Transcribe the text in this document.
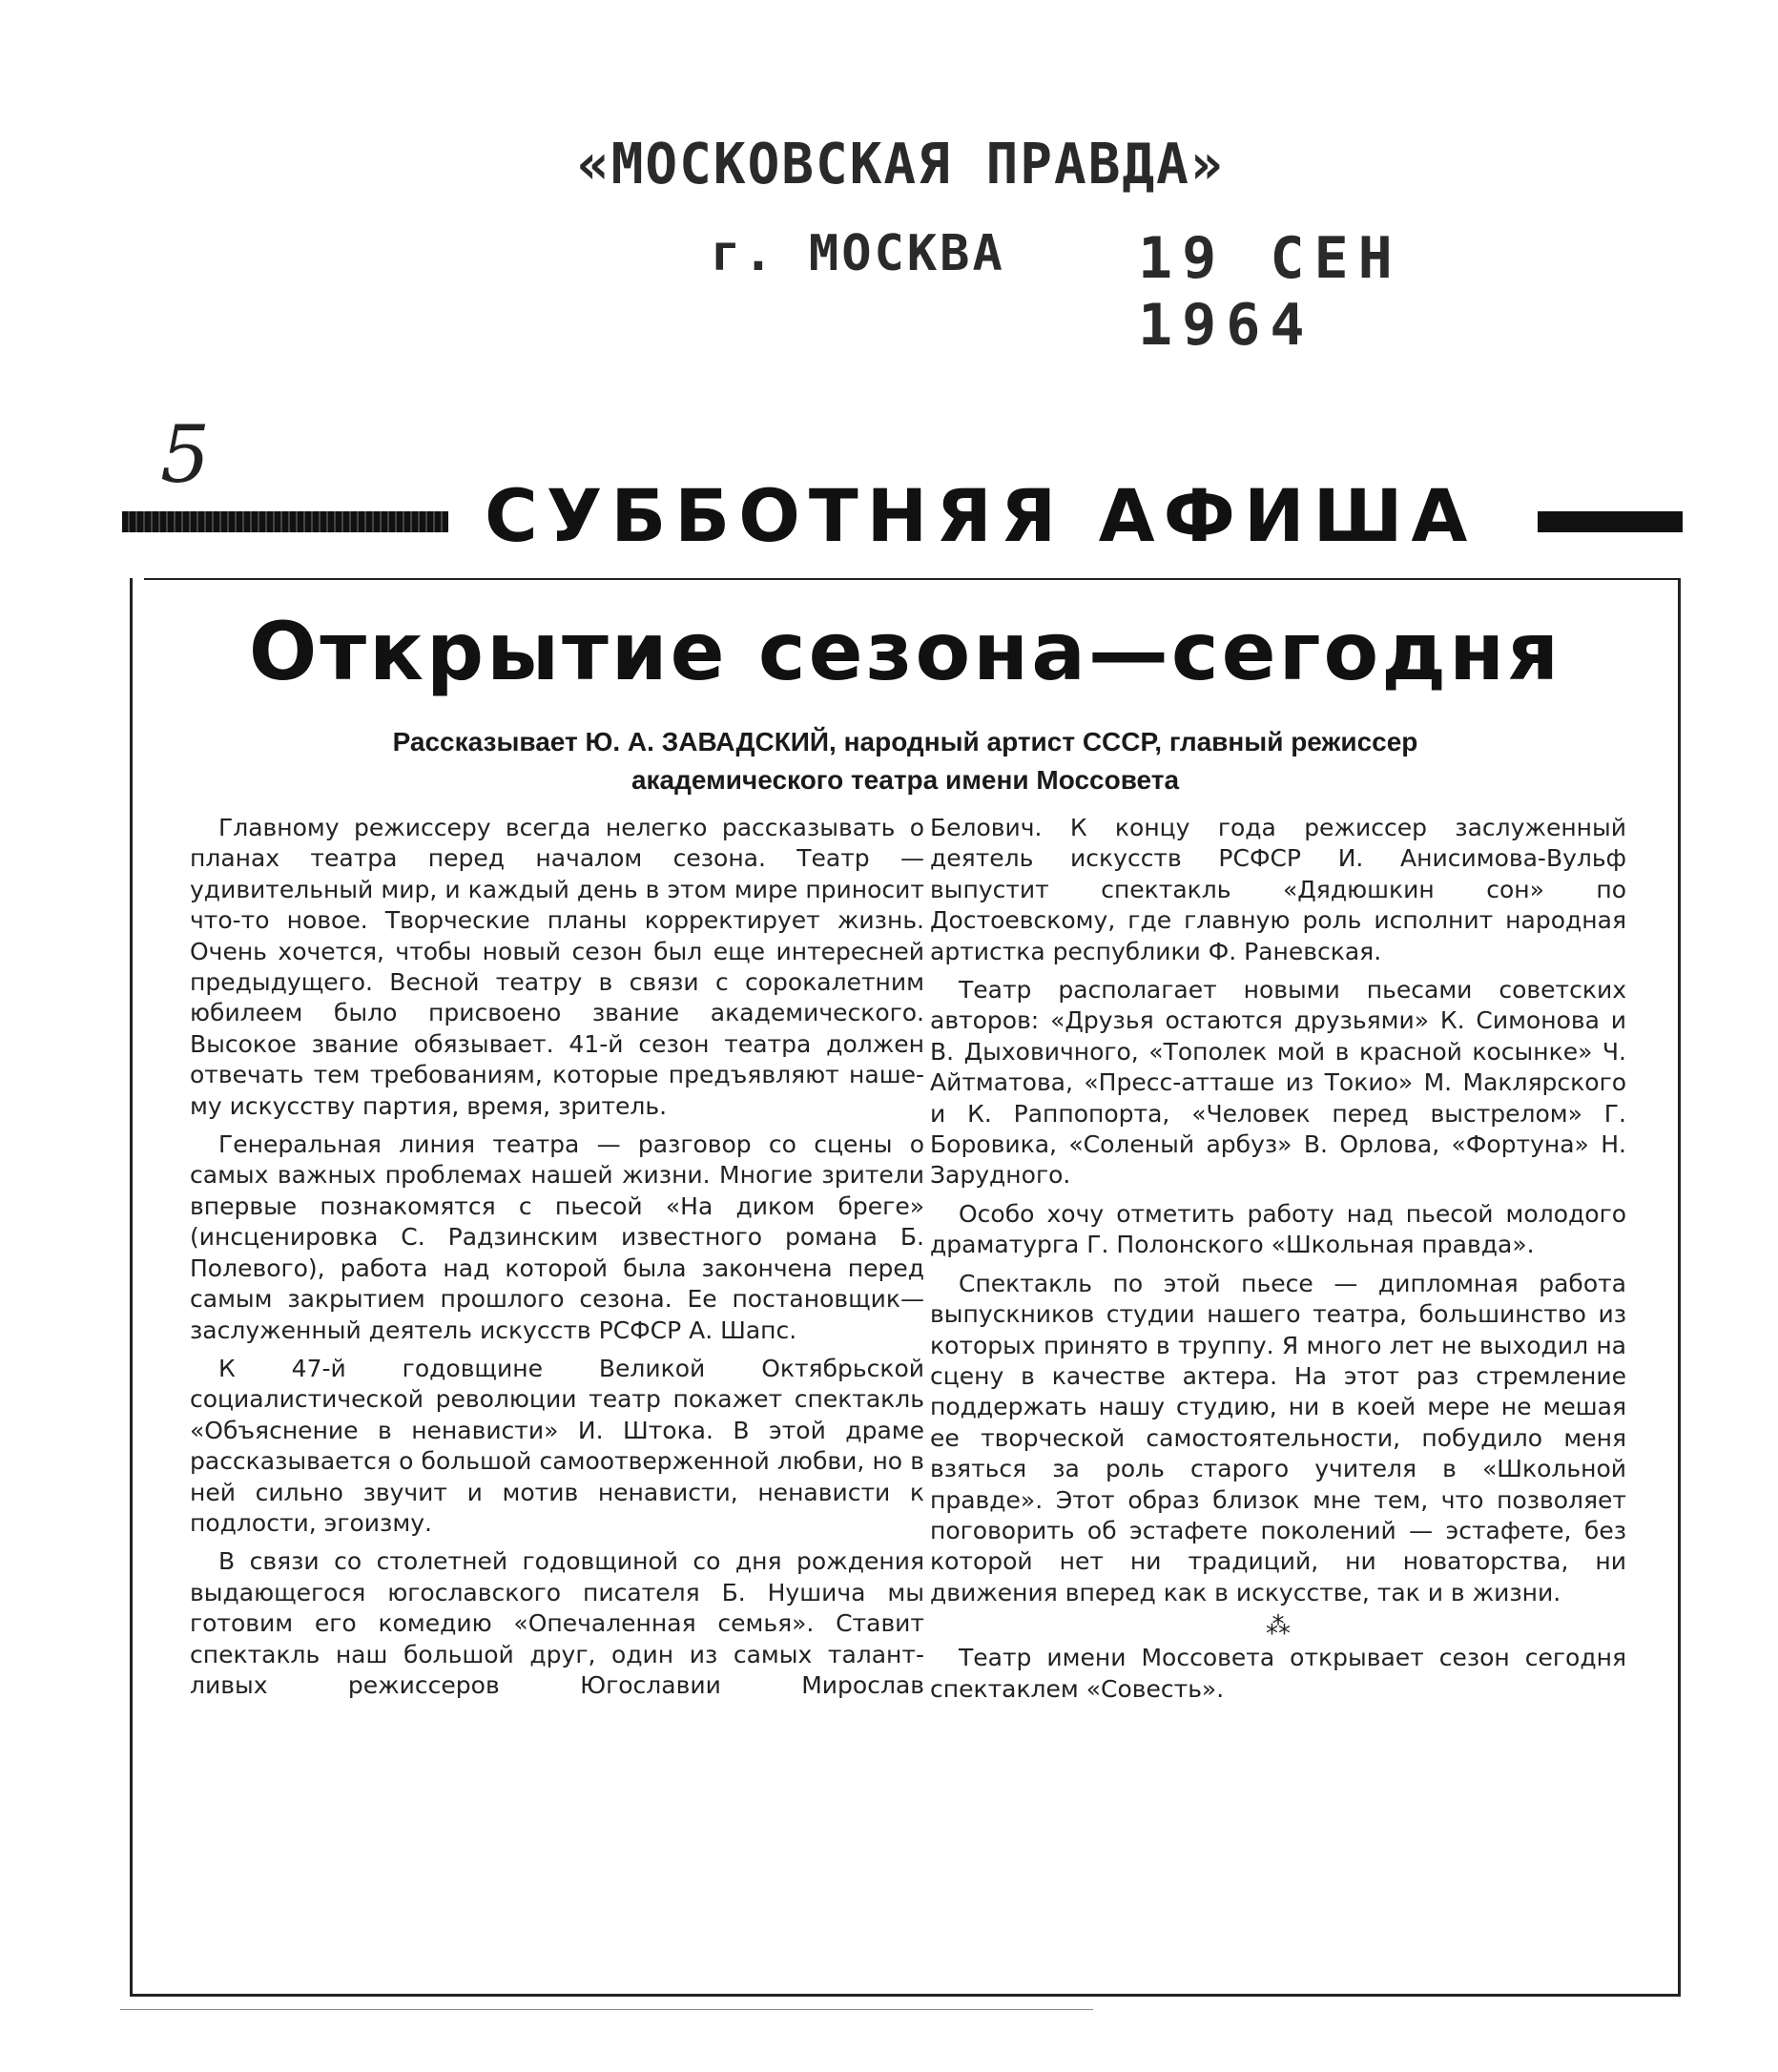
«МОСКОВСКАЯ ПРАВДА»
г. МОСКВА 19 СЕН 1964
5
СУББОТНЯЯ АФИША
Открытие сезона—сегодня
Рассказывает Ю. А. ЗАВАДСКИЙ, народный артист СССР, главный режиссер
академического театра имени Моссовета

Главному режиссеру всегда нелегко рассказывать о планах театра перед началом сезона. Театр — удивительный мир, и каждый день в этом мире приносит что-то новое. Творческие планы корректирует жизнь. Очень хочется, чтобы новый сезон был еще интересней предыдущего. Весной театру в связи с сорокалетним юбилеем было присвоено звание академического. Высокое звание обязывает. 41-й сезон театра должен отвечать тем требованиям, которые предъявляют нашему искусству партия, время, зритель.

Генеральная линия театра — разговор со сцены о самых важных проблемах нашей жизни. Многие зрители впервые познакомятся с пьесой «На диком бреге» (инсценировка С. Радзинским известного романа Б. Полевого), работа над которой была закончена перед самым закрытием прошлого сезона. Ее постановщик—заслуженный деятель искусств РСФСР А. Шапс.

К 47-й годовщине Великой Октябрьской социалистической революции театр покажет спектакль «Объяснение в ненависти» И. Штока. В этой драме рассказывается о большой самоотверженной любви, но в ней сильно звучит и мотив ненависти, ненависти к подлости, эгоизму.

В связи со столетней годовщиной со дня рождения выдающегося югославского писателя Б. Нушича мы готовим его комедию «Опечаленная семья». Ставит спектакль наш большой друг, один из самых талантливых режиссеров Югославии Мирослав

Белович. К концу года режиссер заслуженный деятель искусств РСФСР И. Анисимова-Вульф выпустит спектакль «Дядюшкин сон» по Достоевскому, где главную роль исполнит народная артистка республики Ф. Раневская.

Театр располагает новыми пьесами советских авторов: «Друзья остаются друзьями» К. Симонова и В. Дыховичного, «Тополек мой в красной косынке» Ч. Айтматова, «Пресс-атташе из Токио» М. Маклярского и К. Раппопорта, «Человек перед выстрелом» Г. Боровика, «Соленый арбуз» В. Орлова, «Фортуна» Н. Зарудного.

Особо хочу отметить работу над пьесой молодого драматурга Г. Полонского «Школьная правда».

Спектакль по этой пьесе — дипломная работа выпускников студии нашего театра, большинство из которых принято в труппу. Я много лет не выходил на сцену в качестве актера. На этот раз стремление поддержать нашу студию, ни в коей мере не мешая ее творческой самостоятельности, побудило меня взяться за роль старого учителя в «Школьной правде». Этот образ близок мне тем, что позволяет поговорить об эстафете поколений — эстафете, без которой нет ни традиций, ни новаторства, ни движения вперед как в искусстве, так и в жизни.

⁂

Театр имени Моссовета открывает сезон сегодня спектаклем «Совесть».
